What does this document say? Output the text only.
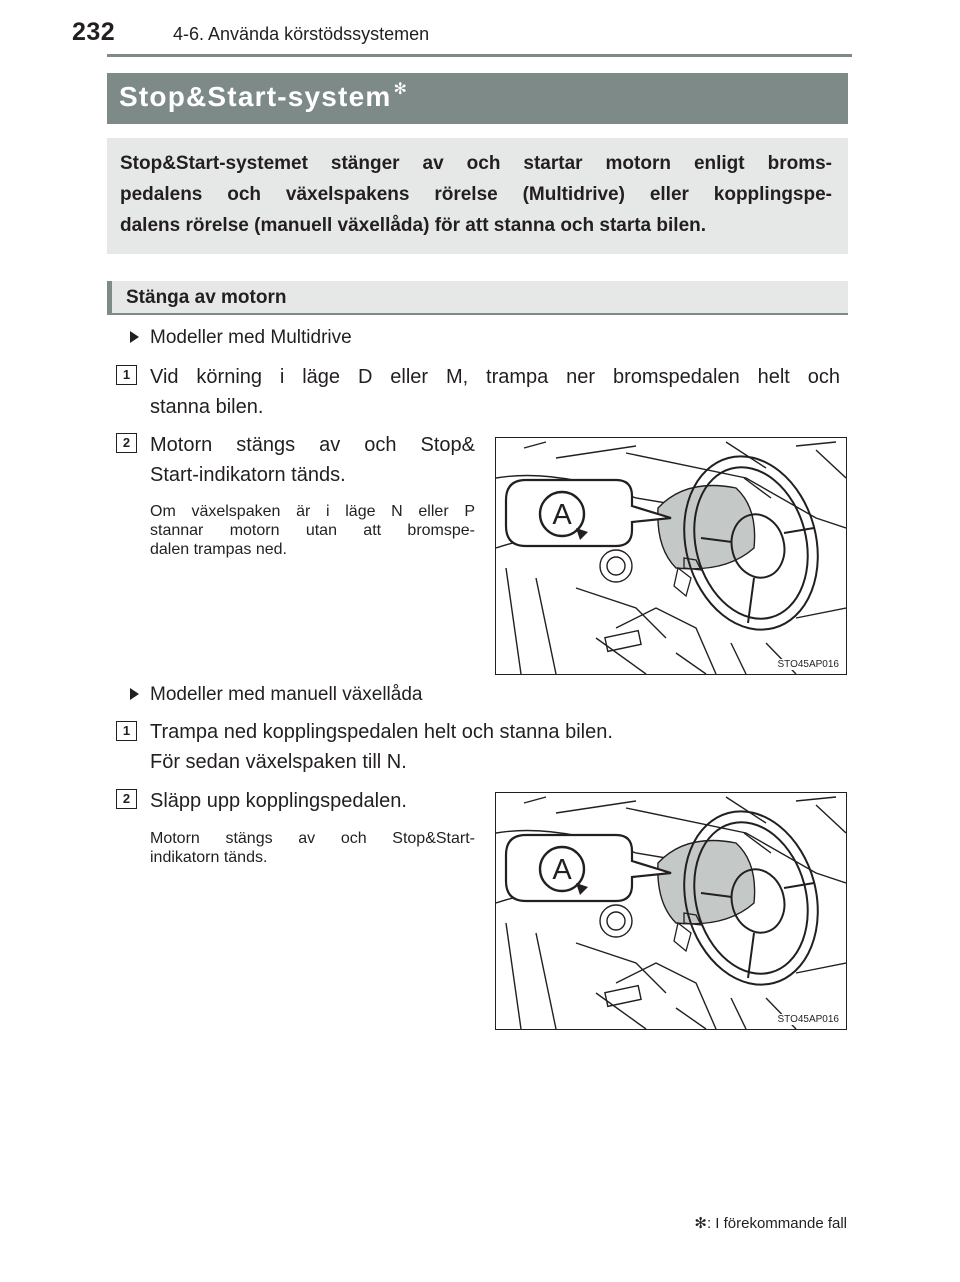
232	4-6. Använda körstödssystemen
Stop&Start-system ✻
Stop&Start-systemet stänger av och startar motorn enligt broms-
pedalens och växelspakens rörelse (Multidrive) eller kopplingspe-
dalens rörelse (manuell växellåda) för att stanna och starta bilen.
Stänga av motorn
Modeller med Multidrive
1 Vid körning i läge D eller M, trampa ner bromspedalen helt och
stanna bilen.
2 Motorn stängs av och Stop&
Start-indikatorn tänds.
Om växelspaken är i läge N eller P
stannar motorn utan att bromspe-
dalen trampas ned.
A
STO45AP016
Modeller med manuell växellåda
1 Trampa ned kopplingspedalen helt och stanna bilen.
För sedan växelspaken till N.
2 Släpp upp kopplingspedalen.
Motorn stängs av och Stop&Start-
indikatorn tänds.	A
STO45AP016
✻: I förekommande fall
